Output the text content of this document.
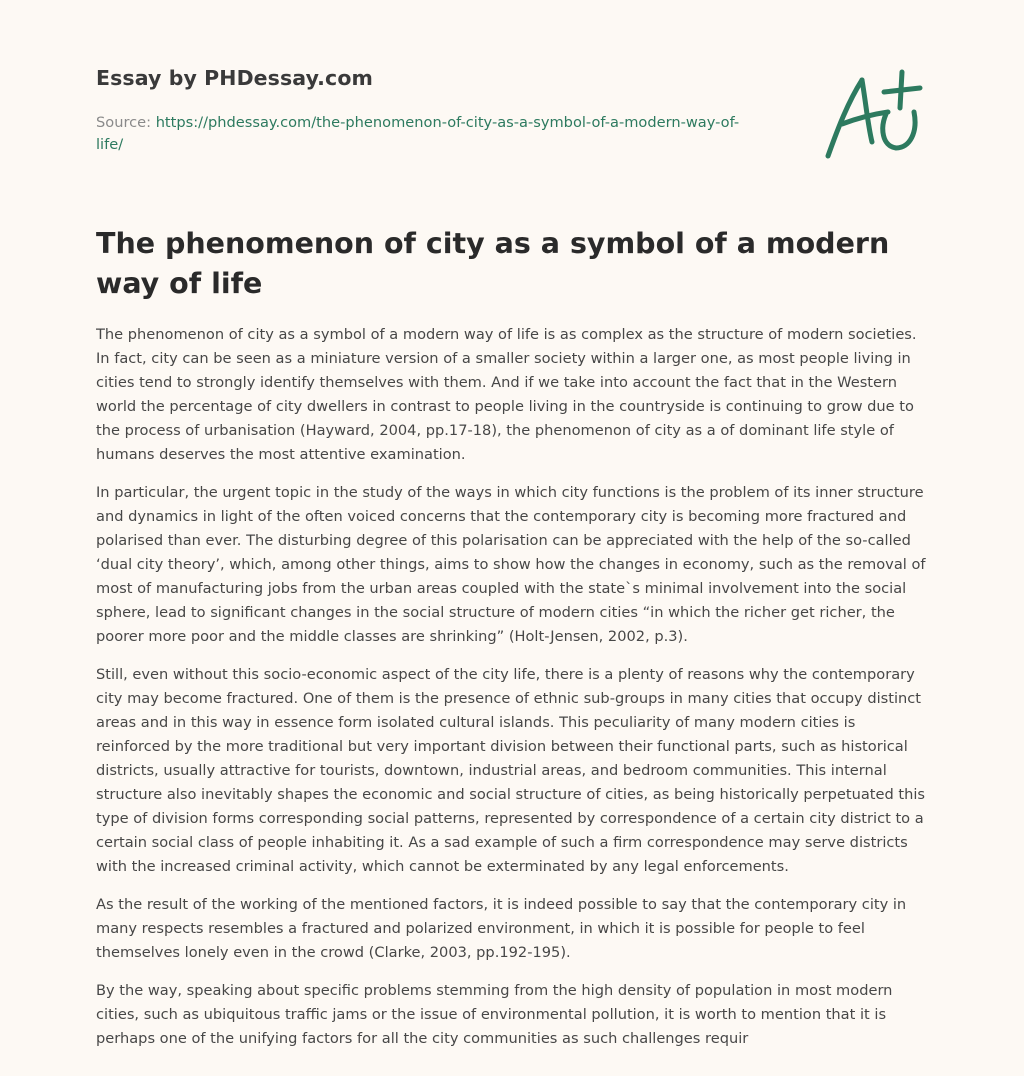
Essay by PHDessay.com
Source: https://phdessay.com/the-phenomenon-of-city-as-a-symbol-of-a-modern-way-of-life/
The phenomenon of city as a symbol of a modern way of life

The phenomenon of city as a symbol of a modern way of life is as complex as the structure of modern societies. In fact, city can be seen as a miniature version of a smaller society within a larger one, as most people living in cities tend to strongly identify themselves with them. And if we take into account the fact that in the Western world the percentage of city dwellers in contrast to people living in the countryside is continuing to grow due to the process of urbanisation (Hayward, 2004, pp.17-18), the phenomenon of city as a of dominant life style of humans deserves the most attentive examination.

In particular, the urgent topic in the study of the ways in which city functions is the problem of its inner structure and dynamics in light of the often voiced concerns that the contemporary city is becoming more fractured and polarised than ever. The disturbing degree of this polarisation can be appreciated with the help of the so-called ‘dual city theory’, which, among other things, aims to show how the changes in economy, such as the removal of most of manufacturing jobs from the urban areas coupled with the state`s minimal involvement into the social sphere, lead to significant changes in the social structure of modern cities “in which the richer get richer, the poorer more poor and the middle classes are shrinking” (Holt-Jensen, 2002, p.3).

Still, even without this socio-economic aspect of the city life, there is a plenty of reasons why the contemporary city may become fractured. One of them is the presence of ethnic sub-groups in many cities that occupy distinct areas and in this way in essence form isolated cultural islands. This peculiarity of many modern cities is reinforced by the more traditional but very important division between their functional parts, such as historical districts, usually attractive for tourists, downtown, industrial areas, and bedroom communities. This internal structure also inevitably shapes the economic and social structure of cities, as being historically perpetuated this type of division forms corresponding social patterns, represented by correspondence of a certain city district to a certain social class of people inhabiting it. As a sad example of such a firm correspondence may serve districts with the increased criminal activity, which cannot be exterminated by any legal enforcements.

As the result of the working of the mentioned factors, it is indeed possible to say that the contemporary city in many respects resembles a fractured and polarized environment, in which it is possible for people to feel themselves lonely even in the crowd (Clarke, 2003, pp.192-195).

By the way, speaking about specific problems stemming from the high density of population in most modern cities, such as ubiquitous traffic jams or the issue of environmental pollution, it is worth to mention that it is perhaps one of the unifying factors for all the city communities as such challenges requir
